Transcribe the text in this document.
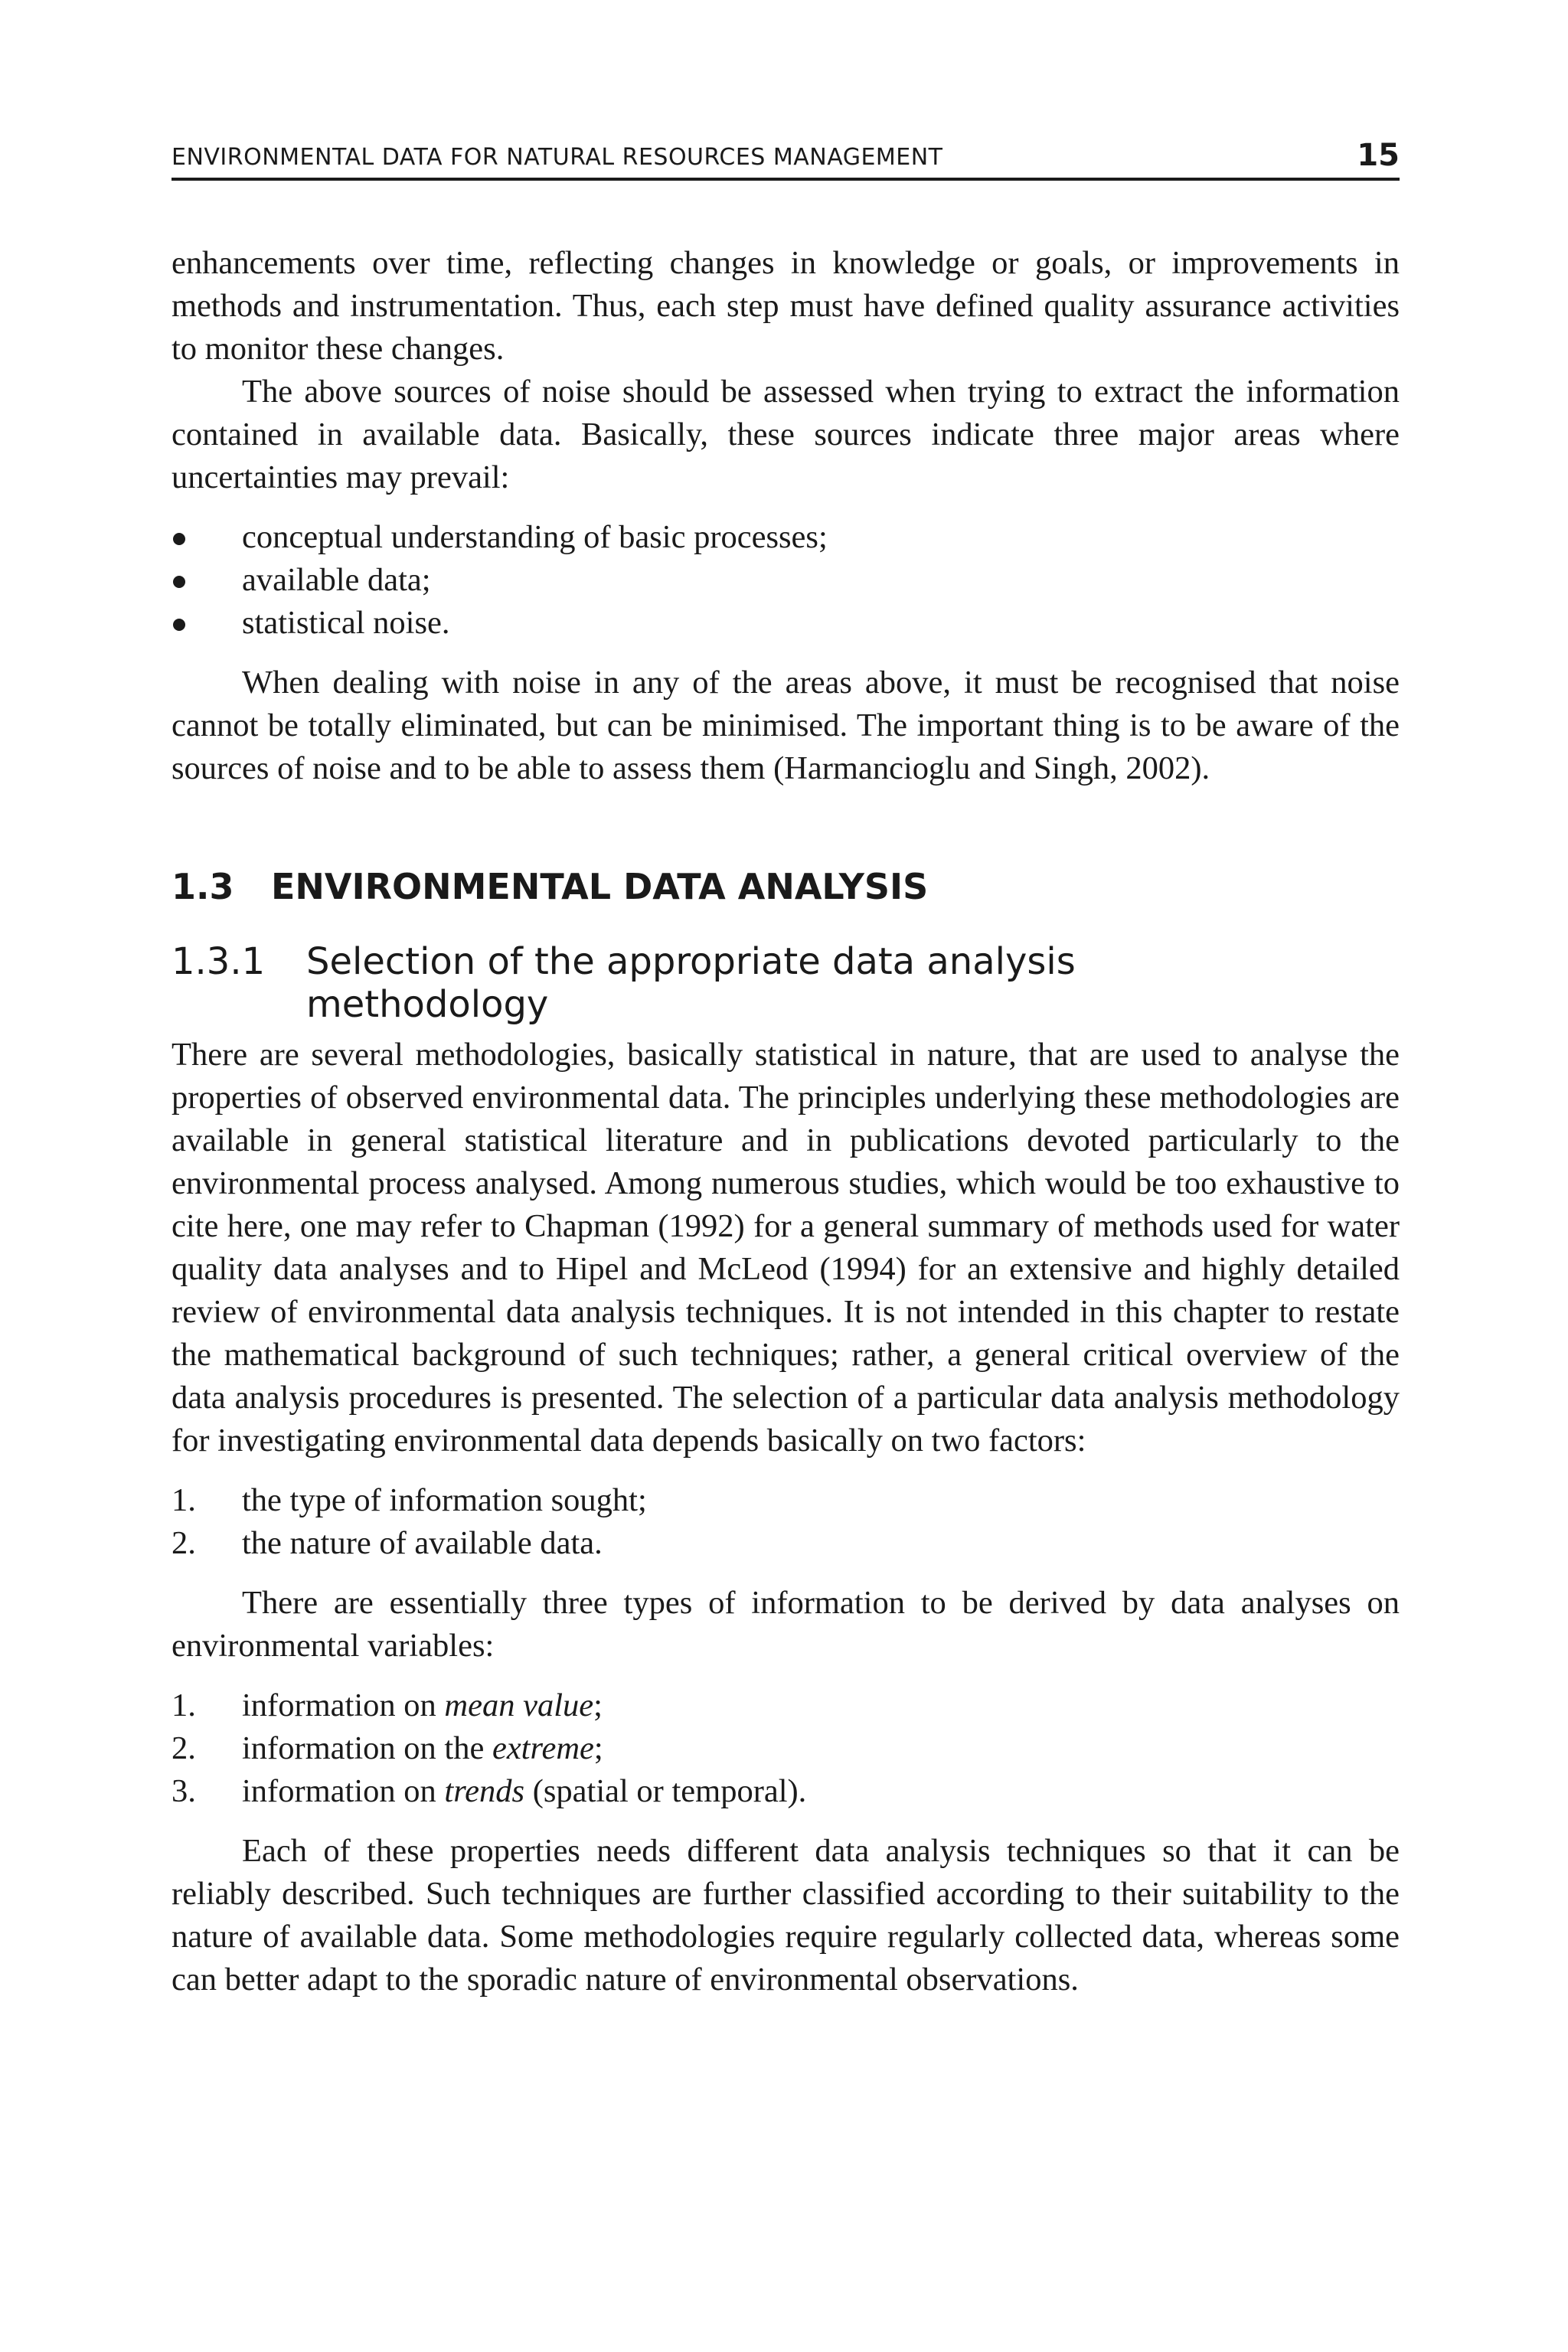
ENVIRONMENTAL DATA FOR NATURAL RESOURCES MANAGEMENT	15

enhancements over time, reflecting changes in knowledge or goals, or improvements in methods and instrumentation. Thus, each step must have defined quality assurance activities to monitor these changes.

The above sources of noise should be assessed when trying to extract the information contained in available data. Basically, these sources indicate three major areas where uncertainties may prevail:

conceptual understanding of basic processes;
available data;
statistical noise.

When dealing with noise in any of the areas above, it must be recognised that noise cannot be totally eliminated, but can be minimised. The important thing is to be aware of the sources of noise and to be able to assess them (Harmancioglu and Singh, 2002).

1.3	ENVIRONMENTAL DATA ANALYSIS
1.3.1	Selection of the appropriate data analysis methodology

There are several methodologies, basically statistical in nature, that are used to analyse the properties of observed environmental data. The principles underlying these methodologies are available in general statistical literature and in publications devoted particularly to the environmental process analysed. Among numerous studies, which would be too exhaustive to cite here, one may refer to Chapman (1992) for a general summary of methods used for water quality data analyses and to Hipel and McLeod (1994) for an extensive and highly detailed review of environmental data analysis techniques. It is not intended in this chapter to restate the mathematical background of such techniques; rather, a general critical overview of the data analysis procedures is presented. The selection of a particular data analysis methodology for investigating environmental data depends basically on two factors:

1. the type of information sought;
2. the nature of available data.

There are essentially three types of information to be derived by data analyses on environmental variables:

1. information on mean value;
2. information on the extreme;
3. information on trends (spatial or temporal).

Each of these properties needs different data analysis techniques so that it can be reliably described. Such techniques are further classified according to their suitability to the nature of available data. Some methodologies require regularly collected data, whereas some can better adapt to the sporadic nature of environmental observations.
